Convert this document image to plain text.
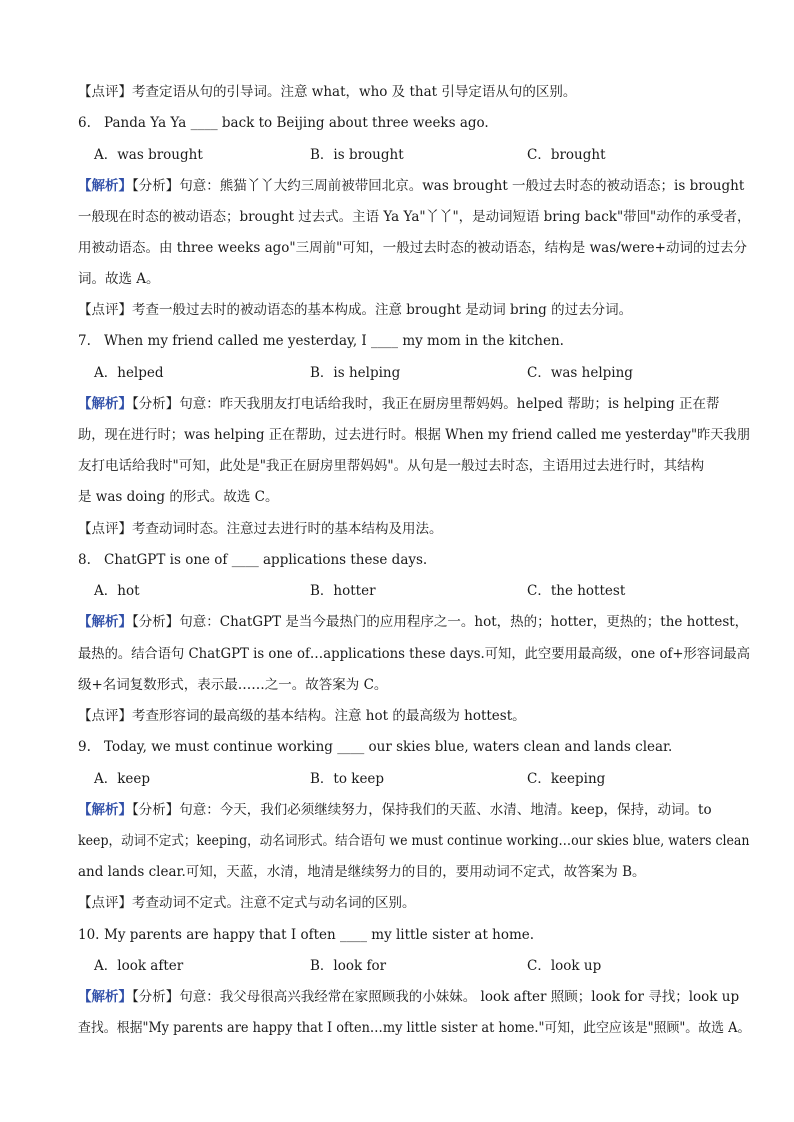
【点评】考查定语从句的引导词。注意 what，who 及 that 引导定语从句的区别。
6. Panda Ya Ya ____ back to Beijing about three weeks ago.
A．was brought	B．is brought	C．brought
【解析】【分析】句意：熊猫丫丫大约三周前被带回北京。was brought 一般过去时态的被动语态；is brought
一般现在时态的被动语态；brought 过去式。主语 Ya Ya"丫丫"，是动词短语 bring back"带回"动作的承受者，
用被动语态。由 three weeks ago"三周前"可知，一般过去时态的被动语态，结构是 was/were+动词的过去分
词。故选 A。
【点评】考查一般过去时的被动语态的基本构成。注意 brought 是动词 bring 的过去分词。
7. When my friend called me yesterday, I ____ my mom in the kitchen.
A．helped	B．is helping	C．was helping
【解析】【分析】句意：昨天我朋友打电话给我时，我正在厨房里帮妈妈。helped 帮助；is helping 正在帮
助，现在进行时；was helping 正在帮助，过去进行时。根据 When my friend called me yesterday"昨天我朋
友打电话给我时"可知，此处是"我正在厨房里帮妈妈"。从句是一般过去时态，主语用过去进行时，其结构
是 was doing 的形式。故选 C。
【点评】考查动词时态。注意过去进行时的基本结构及用法。
8. ChatGPT is one of ____ applications these days.
A．hot	B．hotter	C．the hottest
【解析】【分析】句意：ChatGPT 是当今最热门的应用程序之一。hot，热的；hotter，更热的；the hottest，
最热的。结合语句 ChatGPT is one of…applications these days.可知，此空要用最高级，one of+形容词最高
级+名词复数形式，表示最……之一。故答案为 C。
【点评】考查形容词的最高级的基本结构。注意 hot 的最高级为 hottest。
9. Today, we must continue working ____ our skies blue, waters clean and lands clear.
A．keep	B．to keep	C．keeping
【解析】【分析】句意：今天，我们必须继续努力，保持我们的天蓝、水清、地清。keep，保持，动词。to
keep，动词不定式；keeping，动名词形式。结合语句 we must continue working…our skies blue, waters clean
and lands clear.可知，天蓝，水清，地清是继续努力的目的，要用动词不定式，故答案为 B。
【点评】考查动词不定式。注意不定式与动名词的区别。
10. My parents are happy that I often ____ my little sister at home.
A．look after	B．look for	C．look up
【解析】【分析】句意：我父母很高兴我经常在家照顾我的小妹妹。 look after 照顾；look for 寻找；look up
查找。根据"My parents are happy that I often…my little sister at home."可知，此空应该是"照顾"。故选 A。
